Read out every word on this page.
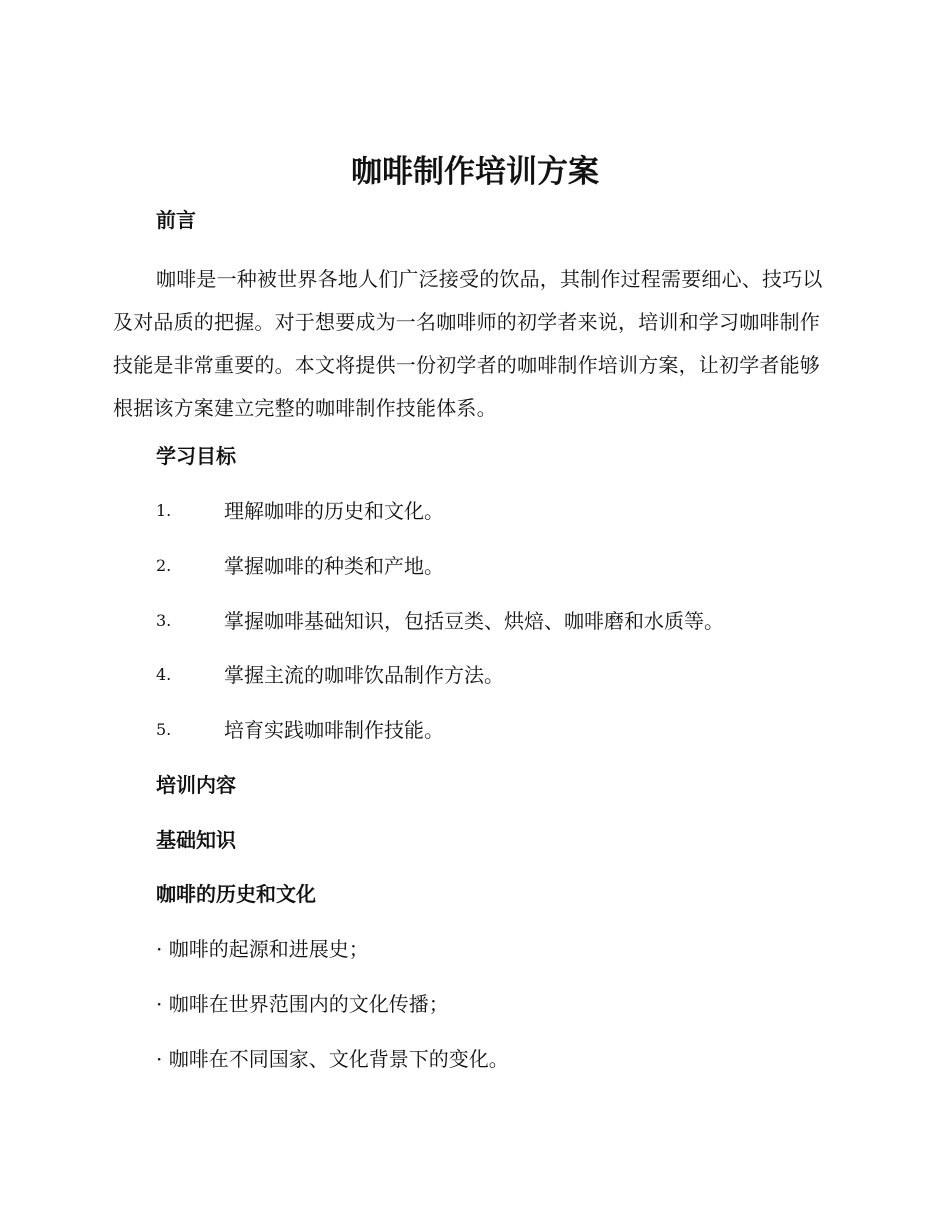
咖啡制作培训方案
前言

咖啡是一种被世界各地人们广泛接受的饮品，其制作过程需要细心、技巧以及对品质的把握。对于想要成为一名咖啡师的初学者来说，培训和学习咖啡制作技能是非常重要的。本文将提供一份初学者的咖啡制作培训方案，让初学者能够根据该方案建立完整的咖啡制作技能体系。

学习目标
1.	理解咖啡的历史和文化。
2.	掌握咖啡的种类和产地。
3.	掌握咖啡基础知识，包括豆类、烘焙、咖啡磨和水质等。
4.	掌握主流的咖啡饮品制作方法。
5.	培育实践咖啡制作技能。
培训内容
基础知识
咖啡的历史和文化
· 咖啡的起源和进展史；
· 咖啡在世界范围内的文化传播；
· 咖啡在不同国家、文化背景下的变化。
